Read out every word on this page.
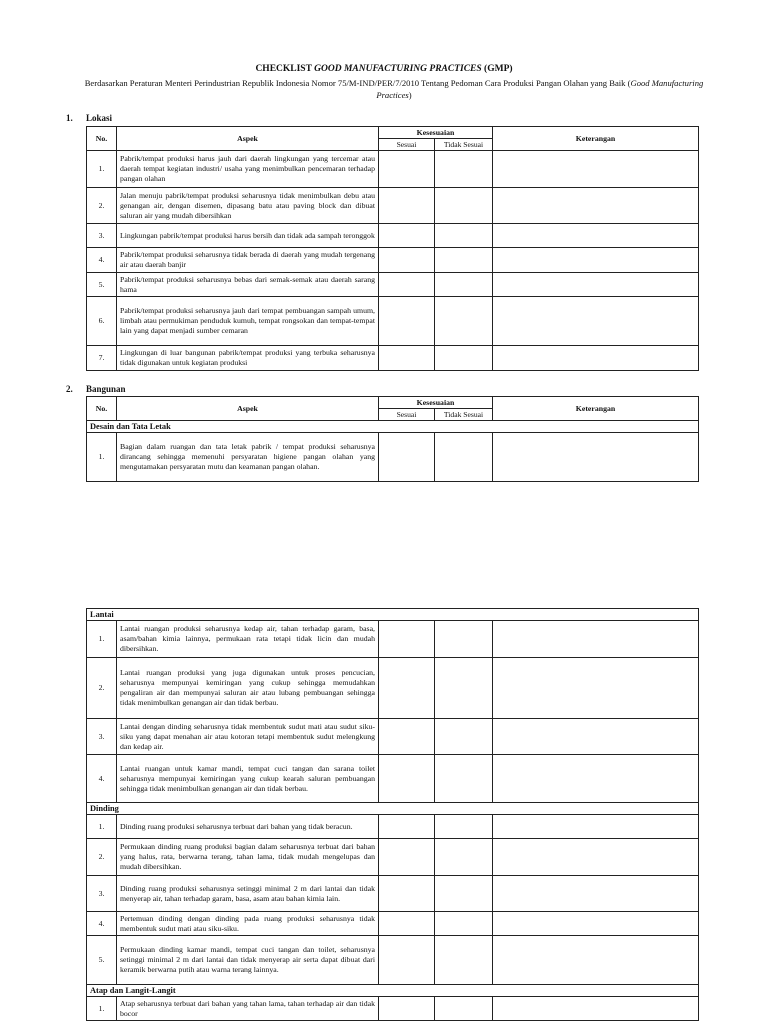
CHECKLIST GOOD MANUFACTURING PRACTICES (GMP)
Berdasarkan Peraturan Menteri Perindustrian Republik Indonesia Nomor 75/M-IND/PER/7/2010 Tentang Pedoman Cara Produksi Pangan Olahan yang Baik (Good Manufacturing Practices)
1. Lokasi
No.	Aspek	Kesesuaian		Keterangan
		Sesuai	Tidak Sesuai	
1.	Pabrik/tempat produksi harus jauh dari daerah lingkungan yang tercemar atau daerah tempat kegiatan industri/ usaha yang menimbulkan pencemaran terhadap pangan olahan			
2.	Jalan menuju pabrik/tempat produksi seharusnya tidak menimbulkan debu atau genangan air, dengan disemen, dipasang batu atau paving block dan dibuat saluran air yang mudah dibersihkan			
3.	Lingkungan pabrik/tempat produksi harus bersih dan tidak ada sampah teronggok			
4.	Pabrik/tempat produksi seharusnya tidak berada di daerah yang mudah tergenang air atau daerah banjir			
5.	Pabrik/tempat produksi seharusnya bebas dari semak-semak atau daerah sarang hama			
6.	Pabrik/tempat produksi seharusnya jauh dari tempat pembuangan sampah umum, limbah atau permukiman penduduk kumuh, tempat rongsokan dan tempat-tempat lain yang dapat menjadi sumber cemaran			
7.	Lingkungan di luar bangunan pabrik/tempat produksi yang terbuka seharusnya tidak digunakan untuk kegiatan produksi			
2. Bangunan
No.	Aspek	Kesesuaian		Keterangan
		Sesuai	Tidak Sesuai	
Desain dan Tata Letak				
1.	Bagian dalam ruangan dan tata letak pabrik / tempat produksi seharusnya dirancang sehingga memenuhi persyaratan higiene pangan olahan yang mengutamakan persyaratan mutu dan keamanan pangan olahan.			
Lantai				
1.	Lantai ruangan produksi seharusnya kedap air, tahan terhadap garam, basa, asam/bahan kimia lainnya, permukaan rata tetapi tidak licin dan mudah dibersihkan.			
2.	Lantai ruangan produksi yang juga digunakan untuk proses pencucian, seharusnya mempunyai kemiringan yang cukup sehingga memudahkan pengaliran air dan mempunyai saluran air atau lubang pembuangan sehingga tidak menimbulkan genangan air dan tidak berbau.			
3.	Lantai dengan dinding seharusnya tidak membentuk sudut mati atau sudut siku-siku yang dapat menahan air atau kotoran tetapi membentuk sudut melengkung dan kedap air.			
4.	Lantai ruangan untuk kamar mandi, tempat cuci tangan dan sarana toilet seharusnya mempunyai kemiringan yang cukup kearah saluran pembuangan sehingga tidak menimbulkan genangan air dan tidak berbau.			
Dinding				
1.	Dinding ruang produksi seharusnya terbuat dari bahan yang tidak beracun.			
2.	Permukaan dinding ruang produksi bagian dalam seharusnya terbuat dari bahan yang halus, rata, berwarna terang, tahan lama, tidak mudah mengelupas dan mudah dibersihkan.			
3.	Dinding ruang produksi seharusnya setinggi minimal 2 m dari lantai dan tidak menyerap air, tahan terhadap garam, basa, asam atau bahan kimia lain.			
4.	Pertemuan dinding dengan dinding pada ruang produksi seharusnya tidak membentuk sudut mati atau siku-siku.			
5.	Permukaan dinding kamar mandi, tempat cuci tangan dan toilet, seharusnya setinggi minimal 2 m dari lantai dan tidak menyerap air serta dapat dibuat dari keramik berwarna putih atau warna terang lainnya.			
Atap dan Langit-Langit				
1.	Atap seharusnya terbuat dari bahan yang tahan lama, tahan terhadap air dan tidak bocor			
